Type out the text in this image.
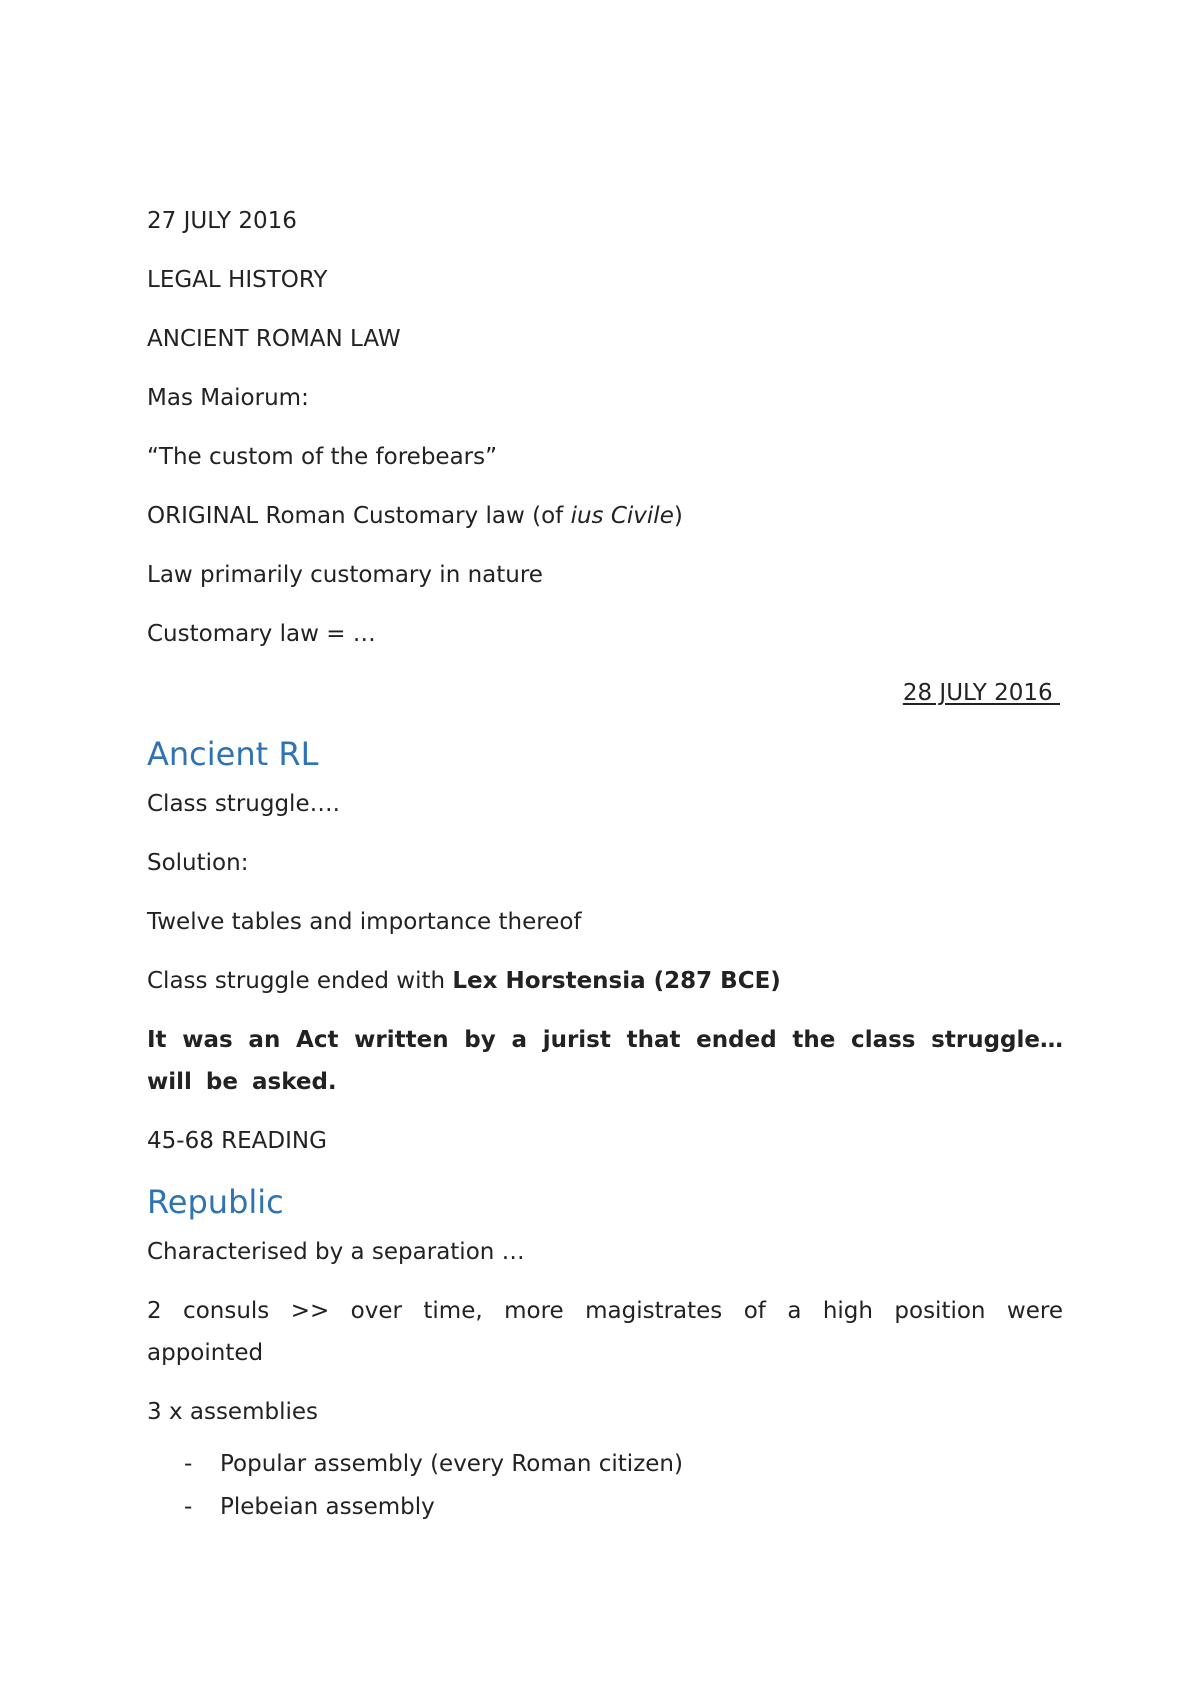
27 JULY 2016

LEGAL HISTORY

ANCIENT ROMAN LAW

Mas Maiorum:

“The custom of the forebears”

ORIGINAL Roman Customary law (of ius Civile)

Law primarily customary in nature

Customary law = …

28 JULY 2016

Ancient RL

Class struggle….

Solution:

Twelve tables and importance thereof

Class struggle ended with Lex Horstensia (287 BCE)

It was an Act written by a jurist that ended the class struggle… will be asked.

45-68 READING

Republic

Characterised by a separation …

2 consuls >> over time, more magistrates of a high position were appointed

3 x assemblies

- Popular assembly (every Roman citizen)
- Plebeian assembly
